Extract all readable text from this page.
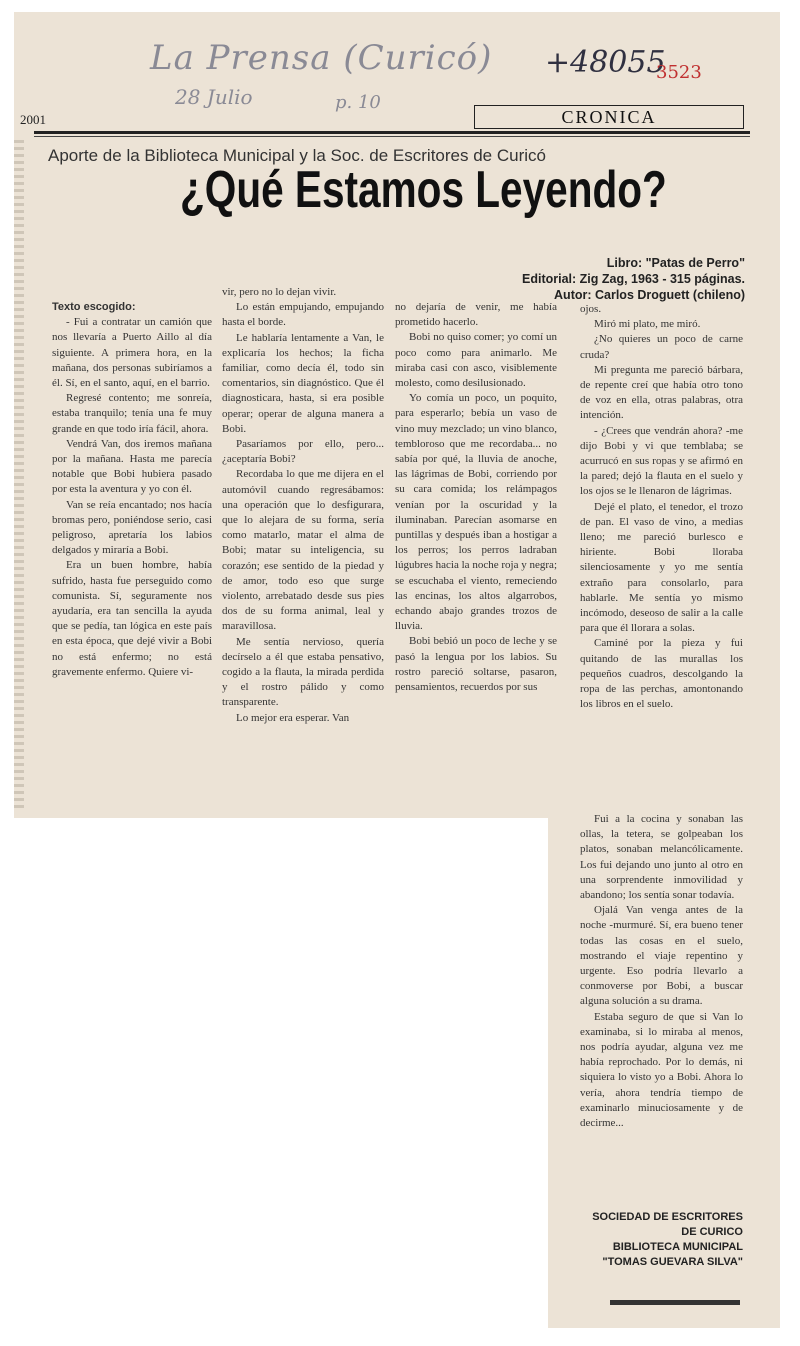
La Prensa (Curicó)
28 Julio	p. 10
+48055
3523
2001	CRONICA
Aporte de la Biblioteca Municipal y la Soc. de Escritores de Curicó
¿Qué Estamos Leyendo?
Libro: "Patas de Perro"
Editorial: Zig Zag, 1963 - 315 páginas.
Autor: Carlos Droguett (chileno)

Texto escogido:

- Fui a contratar un camión que nos llevaría a Puerto Aillo al día siguiente. A primera hora, en la mañana, dos personas subiríamos a él. Sí, en el santo, aquí, en el barrio.

Regresé contento; me sonreía, estaba tranquilo; tenía una fe muy grande en que todo iría fácil, ahora.

Vendrá Van, dos iremos mañana por la mañana. Hasta me parecía notable que Bobi hubiera pasado por esta la aventura y yo con él.

Van se reía encantado; nos hacía bromas pero, poniéndose serio, casi peligroso, apretaría los labios delgados y miraría a Bobi.

Era un buen hombre, había sufrido, hasta fue perseguido como comunista. Sí, seguramente nos ayudaría, era tan sencilla la ayuda que se pedía, tan lógica en este país en esta época, que dejé vivir a Bobi no está enfermo; no está gravemente enfermo. Quiere vi-

vir, pero no lo dejan vivir.

Lo están empujando, empujando hasta el borde.

Le hablaría lentamente a Van, le explicaría los hechos; la ficha familiar, como decía él, todo sin comentarios, sin diagnóstico. Que él diagnosticara, hasta, si era posible operar; operar de alguna manera a Bobi.

Pasaríamos por ello, pero... ¿aceptaría Bobi?

Recordaba lo que me dijera en el automóvil cuando regresábamos: una operación que lo desfigurara, que lo alejara de su forma, sería como matarlo, matar el alma de Bobi; matar su inteligencia, su corazón; ese sentido de la piedad y de amor, todo eso que surge violento, arrebatado desde sus pies dos de su forma animal, leal y maravillosa.

Me sentía nervioso, quería decírselo a él que estaba pensativo, cogido a la flauta, la mirada perdida y el rostro pálido y como transparente.

Lo mejor era esperar. Van

no dejaría de venir, me había prometido hacerlo.

Bobi no quiso comer; yo comí un poco como para animarlo. Me miraba casi con asco, visiblemente molesto, como desilusionado.

Yo comía un poco, un poquito, para esperarlo; bebía un vaso de vino muy mezclado; un vino blanco, tembloroso que me recordaba... no sabía por qué, la lluvia de anoche, las lágrimas de Bobi, corriendo por su cara comida; los relámpagos venían por la oscuridad y la iluminaban. Parecían asomarse en puntillas y después iban a hostigar a los perros; los perros ladraban lúgubres hacia la noche roja y negra; se escuchaba el viento, remeciendo las encinas, los altos algarrobos, echando abajo grandes trozos de lluvia.

Bobi bebió un poco de leche y se pasó la lengua por los labios. Su rostro pareció soltarse, pasaron, pensamientos, recuerdos por sus

ojos.

Miró mi plato, me miró.

¿No quieres un poco de carne cruda?

Mi pregunta me pareció bárbara, de repente creí que había otro tono de voz en ella, otras palabras, otra intención.

- ¿Crees que vendrán ahora? -me dijo Bobi y vi que temblaba; se acurrucó en sus ropas y se afirmó en la pared; dejó la flauta en el suelo y los ojos se le llenaron de lágrimas.

Dejé el plato, el tenedor, el trozo de pan. El vaso de vino, a medias lleno; me pareció burlesco e hiriente. Bobi lloraba silenciosamente y yo me sentía extraño para consolarlo, para hablarle. Me sentía yo mismo incómodo, deseoso de salir a la calle para que él llorara a solas.

Caminé por la pieza y fui quitando de las murallas los pequeños cuadros, descolgando la ropa de las perchas, amontonando los libros en el suelo.

Fui a la cocina y sonaban las ollas, la tetera, se golpeaban los platos, sonaban melancólicamente. Los fui dejando uno junto al otro en una sorprendente inmovilidad y abandono; los sentía sonar todavía.

Ojalá Van venga antes de la noche -murmuré. Sí, era bueno tener todas las cosas en el suelo, mostrando el viaje repentino y urgente. Eso podría llevarlo a conmoverse por Bobi, a buscar alguna solución a su drama.

Estaba seguro de que si Van lo examinaba, si lo miraba al menos, nos podría ayudar, alguna vez me había reprochado. Por lo demás, ni siquiera lo visto yo a Bobi. Ahora lo vería, ahora tendría tiempo de examinarlo minuciosamente y de decirme...

SOCIEDAD DE ESCRITORES DE CURICO
BIBLIOTECA MUNICIPAL
"TOMAS GUEVARA SILVA"
